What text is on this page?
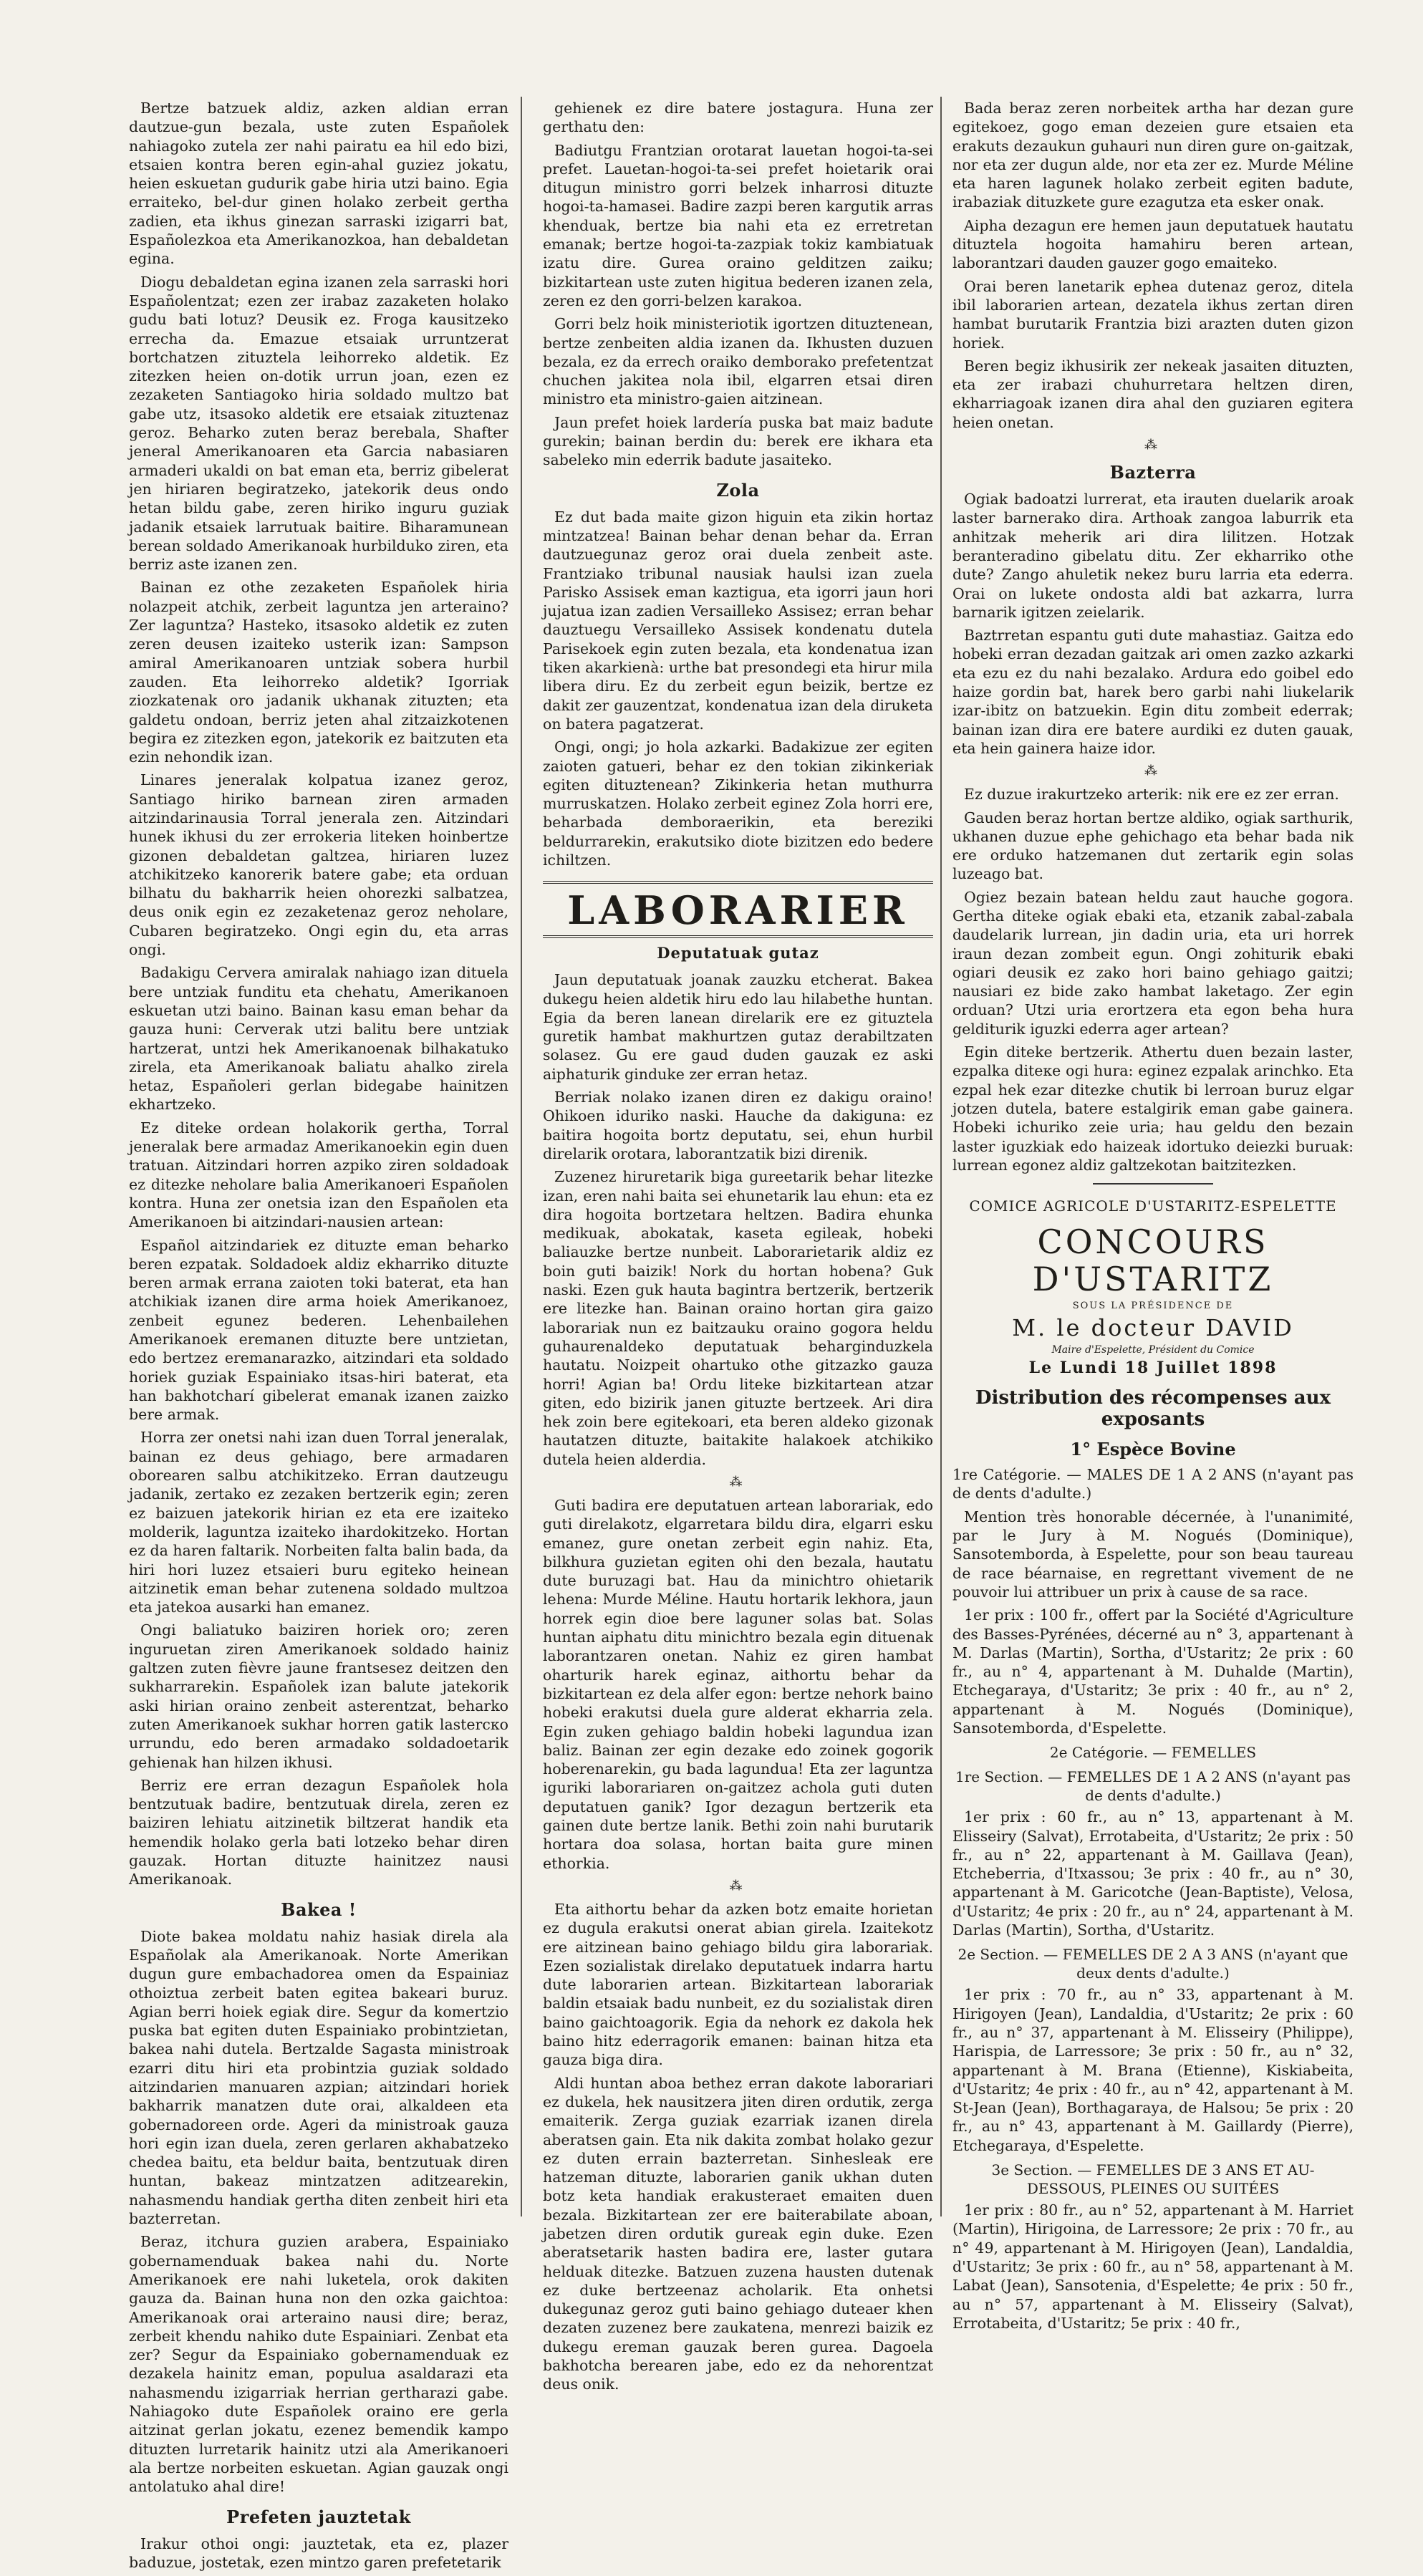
Bertze batzuek aldiz, azken aldian erran dautzue-gun bezala, uste zuten Españolek nahiagoko zutela zer nahi pairatu ea hil edo bizi, etsaien kontra beren egin-ahal guziez jokatu, heien eskuetan gudurik gabe hiria utzi baino. Egia erraiteko, bel-dur ginen holako zerbeit gertha zadien, eta ikhus ginezan sarraski izigarri bat, Españolezkoa eta Amerikanozkoa, han debaldetan egina.

Diogu debaldetan egina izanen zela sarraski hori Españolentzat; ezen zer irabaz zazaketen holako gudu bati lotuz? Deusik ez. Froga kausitzeko errecha da. Emazue etsaiak urruntzerat bortchatzen zituztela leihorreko aldetik. Ez zitezken heien on-dotik urrun joan, ezen ez zezaketen Santiagoko hiria soldado multzo bat gabe utz, itsasoko aldetik ere etsaiak zituztenaz geroz. Beharko zuten beraz berebala, Shafter jeneral Amerikanoaren eta Garcia nabasiaren armaderi ukaldi on bat eman eta, berriz gibelerat jen hiriaren begiratzeko, jatekorik deus ondo hetan bildu gabe, zeren hiriko inguru guziak jadanik etsaiek larrutuak baitire. Biharamunean berean soldado Amerikanoak hurbilduko ziren, eta berriz aste izanen zen.

Bainan ez othe zezaketen Españolek hiria nolazpeit atchik, zerbeit laguntza jen arteraino? Zer laguntza? Hasteko, itsasoko aldetik ez zuten zeren deusen izaiteko usterik izan: Sampson amiral Amerikanoaren untziak sobera hurbil zauden. Eta leihorreko aldetik? Igorriak ziozkatenak oro jadanik ukhanak zituzten; eta galdetu ondoan, berriz jeten ahal zitzaizkotenen begira ez zitezken egon, jatekorik ez baitzuten eta ezin nehondik izan.

Linares jeneralak kolpatua izanez geroz, Santiago hiriko barnean ziren armaden aitzindarinausia Torral jenerala zen. Aitzindari hunek ikhusi du zer errokeria liteken hoinbertze gizonen debaldetan galtzea, hiriaren luzez atchikitzeko kanorerik batere gabe; eta orduan bilhatu du bakharrik heien ohorezki salbatzea, deus onik egin ez zezaketenaz geroz neholare, Cubaren begiratzeko. Ongi egin du, eta arras ongi.

Badakigu Cervera amiralak nahiago izan dituela bere untziak funditu eta chehatu, Amerikanoen eskuetan utzi baino. Bainan kasu eman behar da gauza huni: Cerverak utzi balitu bere untziak hartzerat, untzi hek Amerikanoenak bilhakatuko zirela, eta Amerikanoak baliatu ahalko zirela hetaz, Españoleri gerlan bidegabe hainitzen ekhartzeko.

Ez diteke ordean holakorik gertha, Torral jeneralak bere armadaz Amerikanoekin egin duen tratuan. Aitzindari horren azpiko ziren soldadoak ez ditezke neholare balia Amerikanoeri Españolen kontra. Huna zer onetsia izan den Españolen eta Amerikanoen bi aitzindari-nausien artean:

Español aitzindariek ez dituzte eman beharko beren ezpatak. Soldadoek aldiz ekharriko dituzte beren armak errana zaioten toki baterat, eta han atchikiak izanen dire arma hoiek Amerikanoez, zenbeit egunez bederen. Lehenbailehen Amerikanoek eremanen dituzte bere untzietan, edo bertzez eremanarazko, aitzindari eta soldado horiek guziak Espainiako itsas-hiri baterat, eta han bakhotcharí gibelerat emanak izanen zaizko bere armak.

Horra zer onetsi nahi izan duen Torral jeneralak, bainan ez deus gehiago, bere armadaren oborearen salbu atchikitzeko. Erran dautzeugu jadanik, zertako ez zezaken bertzerik egin; zeren ez baizuen jatekorik hirian ez eta ere izaiteko molderik, laguntza izaiteko ihardokitzeko. Hortan ez da haren faltarik. Norbeiten falta balin bada, da hiri hori luzez etsaieri buru egiteko heinean aitzinetik eman behar zutenena soldado multzoa eta jatekoa ausarki han emanez.

Ongi baliatuko baiziren horiek oro; zeren inguruetan ziren Amerikanoek soldado hainiz galtzen zuten fièvre jaune frantsesez deitzen den sukharrarekin. Españolek izan balute jatekorik aski hirian oraino zenbeit asterentzat, beharko zuten Amerikanoek sukhar horren gatik lasterско urrundu, edo beren armadako soldadoetarik gehienak han hilzen ikhusi.

Berriz ere erran dezagun Españolek hola bentzutuak badire, bentzutuak direla, zeren ez baiziren lehiatu aitzinetik biltzerat handik eta hemendik holako gerla bati lotzeko behar diren gauzak. Hortan dituzte hainitzez nausi Amerikanoak.

Bakea !

Diote bakea moldatu nahiz hasiak direla ala Españolak ala Amerikanoak. Norte Amerikan dugun gure embachadorea omen da Espainiaz othoiztua zerbeit baten egitea bakeari buruz. Agian berri hoiek egiak dire. Segur da komertzio puska bat egiten duten Espainiako probintzietan, bakea nahi dutela. Bertzalde Sagasta ministroak ezarri ditu hiri eta probintzia guziak soldado aitzindarien manuaren azpian; aitzindari horiek bakharrik manatzen dute orai, alkaldeen eta gobernadoreen orde. Ageri da ministroak gauza hori egin izan duela, zeren gerlaren akhabatzeko chedea baitu, eta beldur baita, bentzutuak diren huntan, bakeaz mintzatzen aditzearekin, nahasmendu handiak gertha diten zenbeit hiri eta bazterretan.

Beraz, itchura guzien arabera, Espainiako gobernamenduak bakea nahi du. Norte Amerikanoek ere nahi luketela, orok dakiten gauza da. Bainan huna non den ozka gaichtoa: Amerikanoak orai arteraino nausi dire; beraz, zerbeit khendu nahiko dute Espainiari. Zenbat eta zer? Segur da Espainiako gobernamenduak ez dezakela hainitz eman, populua asaldarazi eta nahasmendu izigarriak herrian gertharazi gabe. Nahiagoko dute Españolek oraino ere gerla aitzinat gerlan jokatu, ezenez bemendik kampo dituzten lurretarik hainitz utzi ala Amerikanoeri ala bertze norbeiten eskuetan. Agian gauzak ongi antolatuko ahal dire!

Prefeten jauztetak

Irakur othoi ongi: jauztetak, eta ez, plazer baduzue, jostetak, ezen mintzo garen prefetetarik

gehienek ez dire batere jostagura. Huna zer gerthatu den:

Badiutgu Frantzian orotarat lauetan hogoi-ta-sei prefet. Lauetan-hogoi-ta-sei prefet hoietarik orai ditugun ministro gorri belzek inharrosi dituzte hogoi-ta-hamasei. Badire zazpi beren kargutik arras khenduak, bertze bia nahi eta ez erretretan emanak; bertze hogoi-ta-zazpiak tokiz kambiatuak izatu dire. Gurea oraino gelditzen zaiku; bizkitartean uste zuten higitua bederen izanen zela, zeren ez den gorri-belzen karakoa.

Gorri belz hoik ministeriotik igortzen dituztenean, bertze zenbeiten aldia izanen da. Ikhusten duzuen bezala, ez da errech oraiko demborako prefetentzat chuchen jakitea nola ibil, elgarren etsai diren ministro eta ministro-gaien aitzinean.

Jaun prefet hoiek lardería puska bat maiz badute gurekin; bainan berdin du: berek ere ikhara eta sabeleko min ederrik badute jasaiteko.

Zola

Ez dut bada maite gizon higuin eta zikin hortaz mintzatzea! Bainan behar denan behar da. Erran dautzuegunaz geroz orai duela zenbeit aste. Frantziako tribunal nausiak haulsi izan zuela Parisko Assisek eman kaztigua, eta igorri jaun hori jujatua izan zadien Versailleko Assisez; erran behar dauztuegu Versailleko Assisek kondenatu dutela Parisekoek egin zuten bezala, eta kondenatua izan tiken akarkienà: urthe bat presondegi eta hirur mila libera diru. Ez du zerbeit egun beizik, bertze ez dakit zer gauzentzat, kondenatua izan dela diruketa on batera pagatzerat.

Ongi, ongi; jo hola azkarki. Badakizue zer egiten zaioten gatueri, behar ez den tokian zikinkeriak egiten dituztenean? Zikinkeria hetan muthurra murruskatzen. Holako zerbeit eginez Zola horri ere, beharbada demboraerikin, eta bereziki beldurrarekin, erakutsiko diote bizitzen edo bedere ichiltzen.

LABORARIER
Deputatuak gutaz

Jaun deputatuak joanak zauzku etcherat. Bakea dukegu heien aldetik hiru edo lau hilabethe huntan. Egia da beren lanean direlarik ere ez gituztela guretik hambat makhurtzen gutaz derabiltzaten solasez. Gu ere gaud duden gauzak ez aski aiphaturik ginduke zer erran hetaz.

Berriak nolako izanen diren ez dakigu oraino! Ohikoen iduriko naski. Hauche da dakiguna: ez baitira hogoita bortz deputatu, sei, ehun hurbil direlarik orotara, laborantzatik bizi direnik.

Zuzenez hiruretarik biga gureetarik behar litezke izan, eren nahi baita sei ehunetarik lau ehun: eta ez dira hogoita bortzetara heltzen. Badira ehunka medikuak, abokatak, kaseta egileak, hobeki baliauzke bertze nunbeit. Laborarietarik aldiz ez boin guti baizik! Nork du hortan hobena? Guk naski. Ezen guk hauta bagintra bertzerik, bertzerik ere litezke han. Bainan oraino hortan gira gaizo laborariak nun ez baitzauku oraino gogora heldu guhaurenaldeko deputatuak beharginduzkela hautatu. Noizpeit ohartuko othe gitzazko gauza horri! Agian ba! Ordu liteke bizkitartean atzar giten, edo bizirik janen gituzte bertzeek. Ari dira hek zoin bere egitekoari, eta beren aldeko gizonak hautatzen dituzte, baitakite halakoek atchikiko dutela heien alderdia.

⁂

Guti badira ere deputatuen artean laborariak, edo guti direlakotz, elgarretara bildu dira, elgarri esku emanez, gure onetan zerbeit egin nahiz. Eta, bilkhura guzietan egiten ohi den bezala, hautatu dute buruzagi bat. Hau da minichtro ohietarik lehena: Murde Méline. Hautu hortarik lekhora, jaun horrek egin dioe bere laguner solas bat. Solas huntan aiphatu ditu minichtro bezala egin dituenak laborantzaren onetan. Nahiz ez giren hambat oharturik harek eginaz, aithortu behar da bizkitartean ez dela alfer egon: bertze nehork baino hobeki erakutsi duela gure alderat ekharria zela. Egin zuken gehiago baldin hobeki lagundua izan baliz. Bainan zer egin dezake edo zoinek gogorik hoberenarekin, gu bada lagundua! Eta zer laguntza iguriki laborariaren on-gaitzez achola guti duten deputatuen ganik? Igor dezagun bertzerik eta gainen dute bertze lanik. Bethi zoin nahi burutarik hortara doa solasa, hortan baita gure minen ethorkia.

⁂

Eta aithortu behar da azken botz emaite horietan ez dugula erakutsi onerat abian girela. Izaitekotz ere aitzinean baino gehiago bildu gira laborariak. Ezen sozialistak direlako deputatuek indarra hartu dute laborarien artean. Bizkitartean laborariak baldin etsaiak badu nunbeit, ez du sozialistak diren baino gaichtoagorik. Egia da nehork ez dakola hek baino hitz ederragorik emanen: bainan hitza eta gauza biga dira.

Aldi huntan aboa bethez erran dakote laborariari ez dukela, hek nausitzera jiten diren ordutik, zerga emaiterik. Zerga guziak ezarriak izanen direla aberatsen gain. Eta nik dakita zombat holako gezur ez duten errain bazterretan. Sinhesleak ere hatzeman dituzte, laborarien ganik ukhan duten botz keta handiak erakusteraet emaiten duen bezala. Bizkitartean zer ere baiterabilate aboan, jabetzen diren ordutik gureak egin duke. Ezen aberatsetarik hasten badira ere, laster gutara helduak ditezke. Batzuen zuzena hausten dutenak ez duke bertzeenaz acholarik. Eta onhetsi dukegunaz geroz guti baino gehiago duteaer khen dezaten zuzenez bere zaukatena, menrezi baizik ez dukegu ereman gauzak beren gurea. Dagoela bakhotcha berearen jabe, edo ez da nehorentzat deus onik.

Bada beraz zeren norbeitek artha har dezan gure egitekoez, gogo eman dezeien gure etsaien eta erakuts dezaukun guhauri nun diren gure on-gaitzak, nor eta zer dugun alde, nor eta zer ez. Murde Méline eta haren lagunek holako zerbeit egiten badute, irabaziak dituzkete gure ezagutza eta esker onak.

Aipha dezagun ere hemen jaun deputatuek hautatu dituztela hogoita hamahiru beren artean, laborantzari dauden gauzer gogo emaiteko.

Orai beren lanetarik ephea dutenaz geroz, ditela ibil laborarien artean, dezatela ikhus zertan diren hambat burutarik Frantzia bizi arazten duten gizon horiek.

Beren begiz ikhusirik zer nekeak jasaiten dituzten, eta zer irabazi chuhurretara heltzen diren, ekharriagoak izanen dira ahal den guziaren egitera heien onetan.

⁂
Bazterra

Ogiak badoatzi lurrerat, eta irauten duelarik aroak laster barnerako dira. Arthoak zangoa laburrik eta anhitzak meherik ari dira lilitzen. Hotzak beranteradino gibelatu ditu. Zer ekharriko othe dute? Zango ahuletik nekez buru larria eta ederra. Orai on lukete ondosta aldi bat azkarra, lurra barnarik igitzen zeielarik.

Baztrretan espantu guti dute mahastiaz. Gaitza edo hobeki erran dezadan gaitzak ari omen zazko azkarki eta ezu ez du nahi bezalako. Ardura edo goibel edo haize gordin bat, harek bero garbi nahi liukelarik izar-ibitz on batzuekin. Egin ditu zombeit ederrak; bainan izan dira ere batere aurdiki ez duten gauak, eta hein gainera haize idor.

⁂

Ez duzue irakurtzeko arterik: nik ere ez zer erran.

Gauden beraz hortan bertze aldiko, ogiak sarthurik, ukhanen duzue ephe gehichago eta behar bada nik ere orduko hatzemanen dut zertarik egin solas luzeago bat.

Ogiez bezain batean heldu zaut hauche gogora. Gertha diteke ogiak ebaki eta, etzanik zabal-zabala daudelarik lurrean, jin dadin uria, eta uri horrek iraun dezan zombeit egun. Ongi zohiturik ebaki ogiari deusik ez zako hori baino gehiago gaitzi; nausiari ez bide zako hambat laketago. Zer egin orduan? Utzi uria erortzera eta egon beha hura gelditurik iguzki ederra ager artean?

Egin ditekе bertzerik. Athertu duen bezain laster, ezpalka ditеке ogi hura: eginez ezpalak arinchko. Eta ezpal hek ezar ditezke chutik bi lerroan buruz elgar jotzen dutela, batere estalgirik eman gabe gainera. Hobeki ichuriko zeie uria; hau geldu den bezain laster iguzkiak edo haizeak idortuko deiezki buruak: lurrean egonez aldiz galtzekotan baitzitezken.

COMICE AGRICOLE D'USTARITZ-ESPELETTE
CONCOURS D'USTARITZ
SOUS LA PRÉSIDENCE DE
M. le docteur DAVID
Maire d'Espelette, Président du Comice
Le Lundi 18 Juillet 1898
Distribution des récompenses aux exposants
1° Espèce Bovine

1re Catégorie. — MALES DE 1 A 2 ANS (n'ayant pas de dents d'adulte.)

Mention très honorable décernée, à l'unanimité, par le Jury à M. Nogués (Dominique), Sansotemborda, à Espelette, pour son beau taureau de race béarnaise, en regrettant vivement de ne pouvoir lui attribuer un prix à cause de sa race.

1er prix : 100 fr., offert par la Société d'Agriculture des Basses-Pyrénées, décerné au n° 3, appartenant à M. Darlas (Martin), Sortha, d'Ustaritz; 2e prix : 60 fr., au n° 4, appartenant à M. Duhalde (Martin), Etchegaraya, d'Ustaritz; 3e prix : 40 fr., au n° 2, appartenant à M. Nogués (Dominique), Sansotemborda, d'Espelette.

2e Catégorie. — FEMELLES
1re Section. — FEMELLES DE 1 A 2 ANS (n'ayant pas de dents d'adulte.)

1er prix : 60 fr., au n° 13, appartenant à M. Elisseiry (Salvat), Errotabeita, d'Ustaritz; 2e prix : 50 fr., au n° 22, appartenant à M. Gaillava (Jean), Etcheberria, d'Itxassou; 3e prix : 40 fr., au n° 30, appartenant à M. Garicotche (Jean-Baptiste), Velosa, d'Ustaritz; 4e prix : 20 fr., au n° 24, appartenant à M. Darlas (Martin), Sortha, d'Ustaritz.

2e Section. — FEMELLES DE 2 A 3 ANS (n'ayant que deux dents d'adulte.)

1er prix : 70 fr., au n° 33, appartenant à M. Hirigoyen (Jean), Landaldia, d'Ustaritz; 2e prix : 60 fr., au n° 37, appartenant à M. Elisseiry (Philippe), Harispia, de Larressore; 3e prix : 50 fr., au n° 32, appartenant à M. Brana (Etienne), Kiskiabeita, d'Ustaritz; 4e prix : 40 fr., au n° 42, appartenant à M. St-Jean (Jean), Borthagaraya, de Halsou; 5e prix : 20 fr., au n° 43, appartenant à M. Gaillardy (Pierre), Etchegaraya, d'Espelette.

3e Section. — FEMELLES DE 3 ANS ET AU-DESSOUS, PLEINES OU SUITÉES

1er prix : 80 fr., au n° 52, appartenant à M. Harriet (Martin), Hirigoina, de Larressore; 2e prix : 70 fr., au n° 49, appartenant à M. Hirigoyen (Jean), Landaldia, d'Ustaritz; 3e prix : 60 fr., au n° 58, appartenant à M. Labat (Jean), Sansotenia, d'Espelette; 4e prix : 50 fr., au n° 57, appartenant à M. Elisseiry (Salvat), Errotabeita, d'Ustaritz; 5e prix : 40 fr.,
